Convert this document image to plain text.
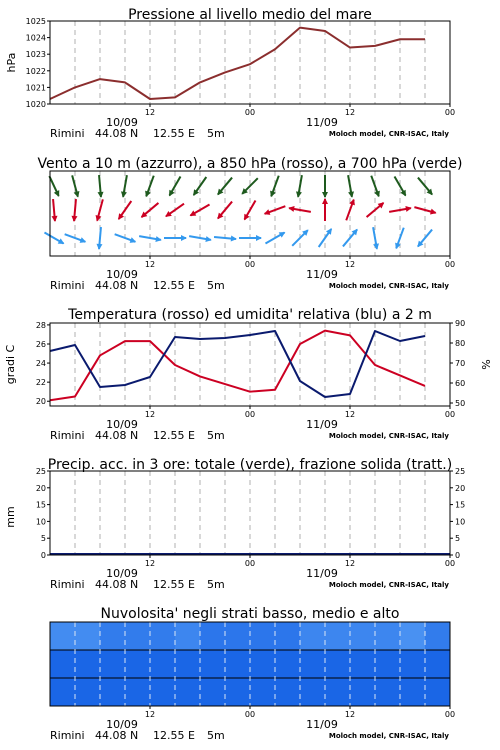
Pressione al livello medio del mare
1020
1021
1022
1023
1024
1025
hPa
12	00	12	00
10/09	11/09
Rimini 44.08 N 12.55 E 5m	Moloch model, CNR-ISAC, Italy
Vento a 10 m (azzurro), a 850 hPa (rosso), a 700 hPa (verde)
12	00	12	00
10/09	11/09
Rimini 44.08 N 12.55 E 5m	Moloch model, CNR-ISAC, Italy
Temperatura (rosso) ed umidita' relativa (blu) a 2 m
20
22
24
26
28
50
60
70
80
90
gradi C	%
12	00	12	00
10/09	11/09
Rimini 44.08 N 12.55 E 5m	Moloch model, CNR-ISAC, Italy
Precip. acc. in 3 ore: totale (verde), frazione solida (tratt.)
0
5
10
15
20
25
0
5
10
15
20
25
mm
12	00	12	00
10/09	11/09
Rimini 44.08 N 12.55 E 5m	Moloch model, CNR-ISAC, Italy
Nuvolosita' negli strati basso, medio e alto
12	00	12	00
10/09	11/09
Rimini 44.08 N 12.55 E 5m	Moloch model, CNR-ISAC, Italy
